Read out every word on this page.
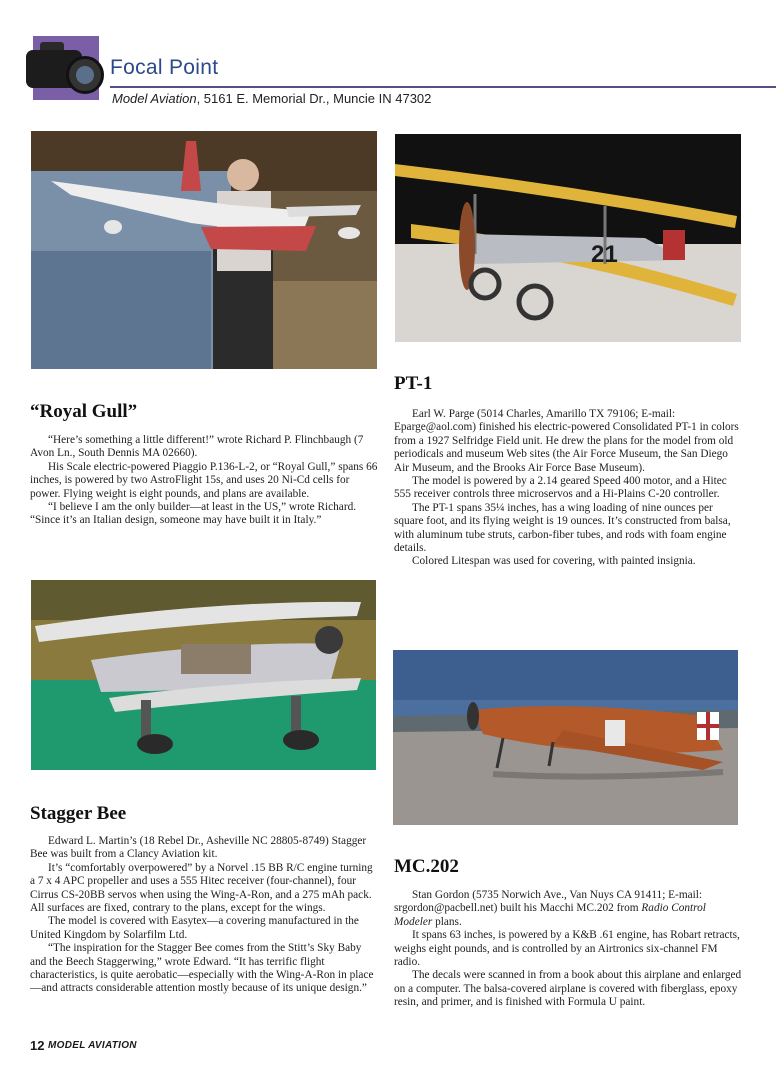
Focal Point
Model Aviation, 5161 E. Memorial Dr., Muncie IN 47302
21
“Royal Gull”

“Here’s something a little different!” wrote Richard P. Flinchbaugh (7 Avon Ln., South Dennis MA 02660).

His Scale electric-powered Piaggio P.136-L-2, or “Royal Gull,” spans 66 inches, is powered by two AstroFlight 15s, and uses 20 Ni-Cd cells for power. Flying weight is eight pounds, and plans are available.

“I believe I am the only builder—at least in the US,” wrote Richard. “Since it’s an Italian design, someone may have built it in Italy.”

PT-1

Earl W. Parge (5014 Charles, Amarillo TX 79106; E-mail: Eparge@aol.com) finished his electric-powered Consolidated PT-1 in colors from a 1927 Selfridge Field unit. He drew the plans for the model from old periodicals and museum Web sites (the Air Force Museum, the San Diego Air Museum, and the Brooks Air Force Base Museum).

The model is powered by a 2.14 geared Speed 400 motor, and a Hitec 555 receiver controls three microservos and a Hi-Plains C-20 controller.

The PT-1 spans 35¼ inches, has a wing loading of nine ounces per square foot, and its flying weight is 19 ounces. It’s constructed from balsa, with aluminum tube struts, carbon-fiber tubes, and rods with foam engine details.

Colored Litespan was used for covering, with painted insignia.

Stagger Bee

Edward L. Martin’s (18 Rebel Dr., Asheville NC 28805-8749) Stagger Bee was built from a Clancy Aviation kit.

It’s “comfortably overpowered” by a Norvel .15 BB R/C engine turning a 7 x 4 APC propeller and uses a 555 Hitec receiver (four-channel), four Cirrus CS-20BB servos when using the Wing-A-Ron, and a 275 mAh pack. All surfaces are fixed, contrary to the plans, except for the wings.

The model is covered with Easytex—a covering manufactured in the United Kingdom by Solarfilm Ltd.

“The inspiration for the Stagger Bee comes from the Stitt’s Sky Baby and the Beech Staggerwing,” wrote Edward. “It has terrific flight characteristics, is quite aerobatic—especially with the Wing-A-Ron in place—and attracts considerable attention mostly because of its unique design.”

MC.202

Stan Gordon (5735 Norwich Ave., Van Nuys CA 91411; E-mail: srgordon@pacbell.net) built his Macchi MC.202 from Radio Control Modeler plans.

It spans 63 inches, is powered by a K&B .61 engine, has Robart retracts, weighs eight pounds, and is controlled by an Airtronics six-channel FM radio.

The decals were scanned in from a book about this airplane and enlarged on a computer. The balsa-covered airplane is covered with fiberglass, epoxy resin, and primer, and is finished with Formula U paint.

12 MODEL AVIATION
